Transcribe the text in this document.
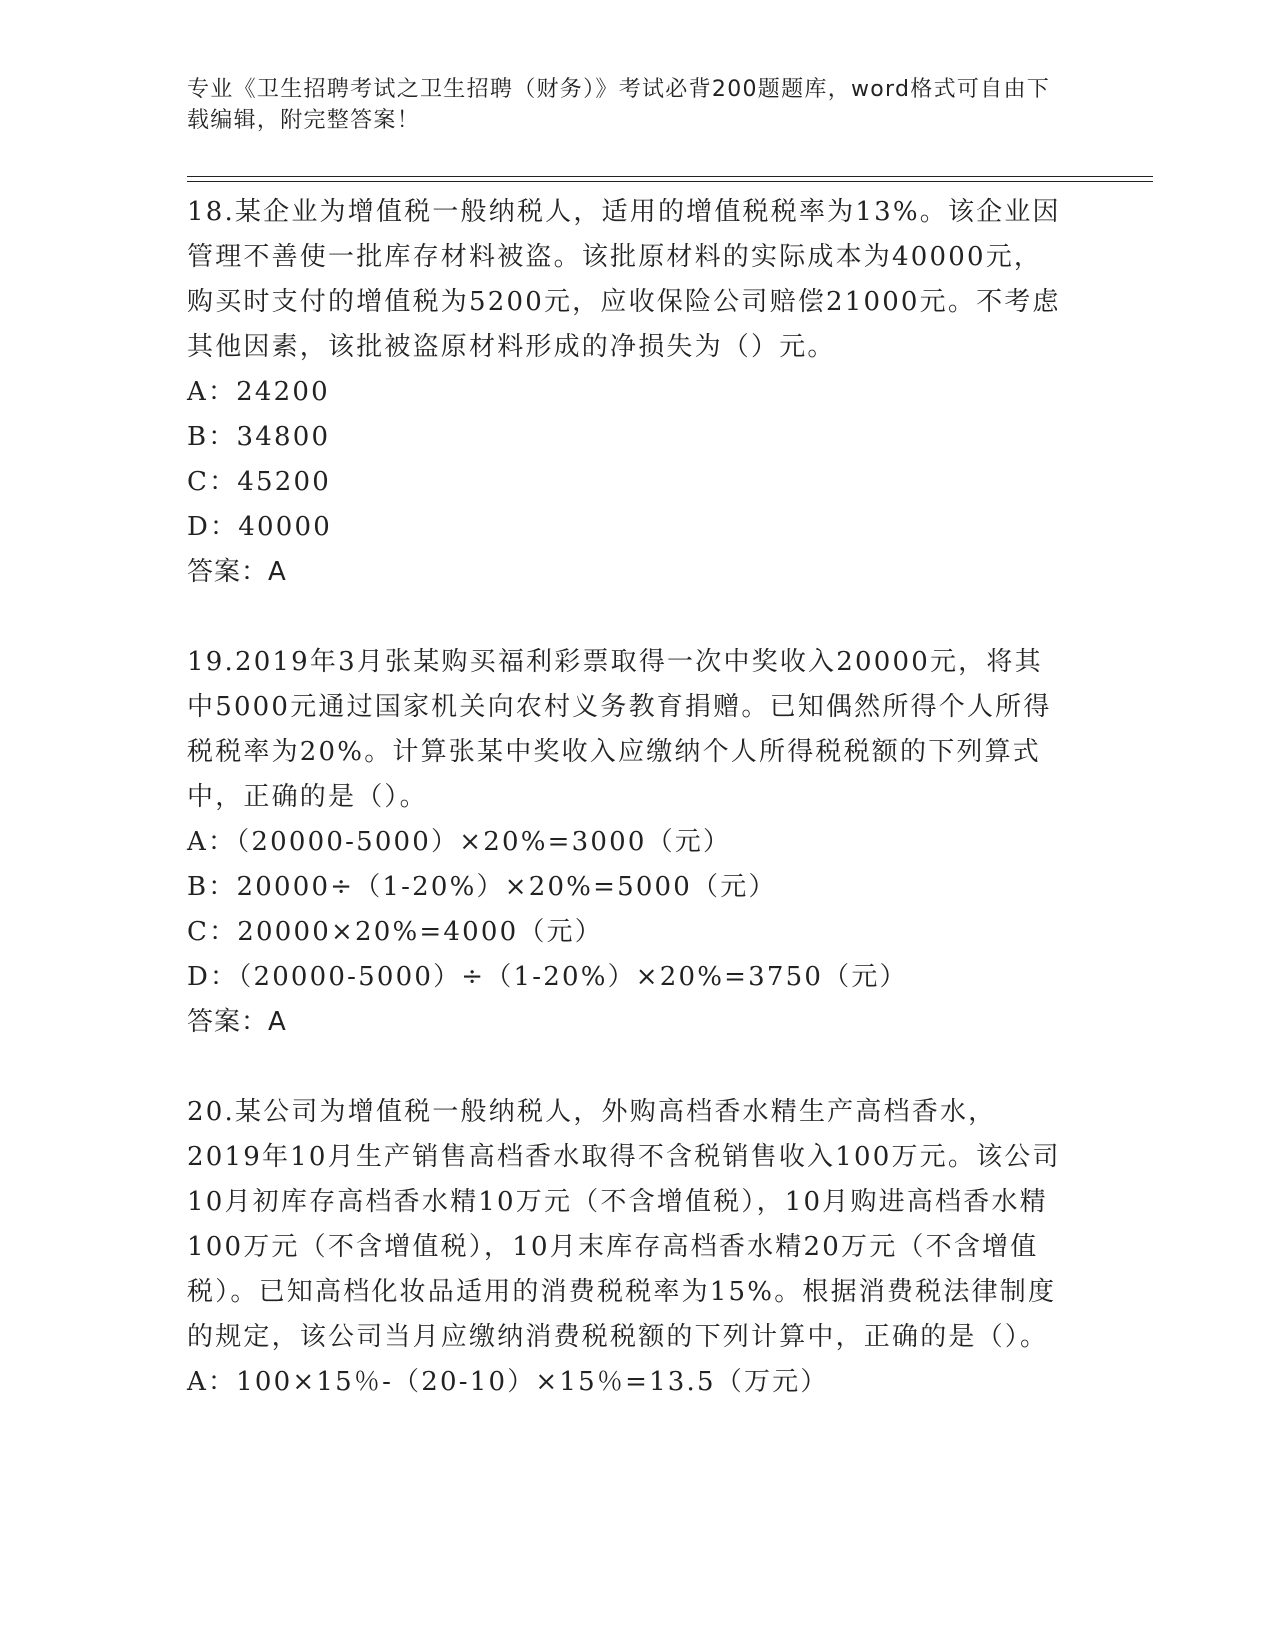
专业《卫生招聘考试之卫生招聘（财务）》考试必背200题题库，word格式可自由下载编辑，附完整答案！

18.某企业为增值税一般纳税人，适用的增值税税率为13%。该企业因管理不善使一批库存材料被盗。该批原材料的实际成本为40000元，购买时支付的增值税为5200元，应收保险公司赔偿21000元。不考虑其他因素，该批被盗原材料形成的净损失为（）元。

A：24200

B：34800

C：45200

D：40000

答案：A

19.2019年3月张某购买福利彩票取得一次中奖收入20000元，将其中5000元通过国家机关向农村义务教育捐赠。已知偶然所得个人所得税税率为20%。计算张某中奖收入应缴纳个人所得税税额的下列算式中，正确的是（）。

A：（20000-5000）×20%=3000（元）

B：20000÷（1-20%）×20%=5000（元）

C：20000×20%=4000（元）

D：（20000-5000）÷（1-20%）×20%=3750（元）

答案：A

20.某公司为增值税一般纳税人，外购高档香水精生产高档香水，2019年10月生产销售高档香水取得不含税销售收入100万元。该公司10月初库存高档香水精10万元（不含增值税），10月购进高档香水精100万元（不含增值税），10月末库存高档香水精20万元（不含增值税）。已知高档化妆品适用的消费税税率为15%。根据消费税法律制度的规定，该公司当月应缴纳消费税税额的下列计算中，正确的是（）。

A：100×15％-（20-10）×15％=13.5（万元）
